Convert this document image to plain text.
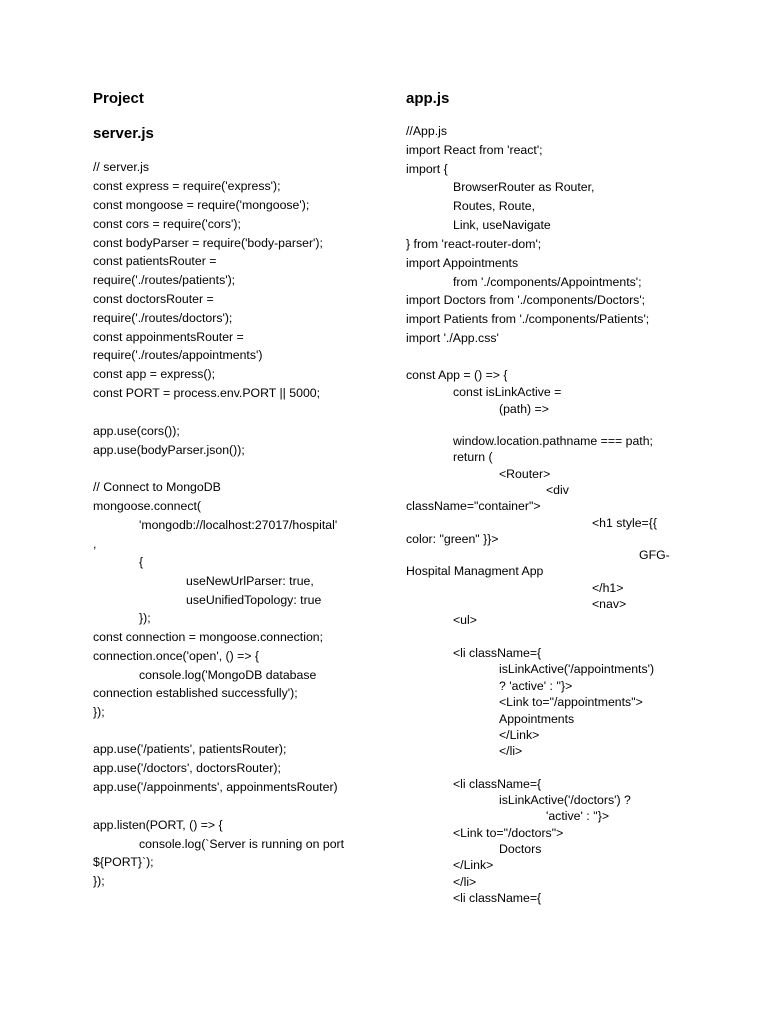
Project
server.js
// server.js
const express = require('express');
const mongoose = require('mongoose');
const cors = require('cors');
const bodyParser = require('body-parser');
const patientsRouter =
require('./routes/patients');
const doctorsRouter =
require('./routes/doctors');
const appoinmentsRouter =
require('./routes/appointments')
const app = express();
const PORT = process.env.PORT || 5000;
app.use(cors());
app.use(bodyParser.json());
// Connect to MongoDB
mongoose.connect(
'mongodb://localhost:27017/hospital'
,
{
useNewUrlParser: true,
useUnifiedTopology: true
});
const connection = mongoose.connection;
connection.once('open', () => {
console.log('MongoDB database
connection established successfully');
});
app.use('/patients', patientsRouter);
app.use('/doctors', doctorsRouter);
app.use('/appoinments', appoinmentsRouter)
app.listen(PORT, () => {
console.log(`Server is running on port
${PORT}`);
});
app.js
//App.js
import React from 'react';
import {
BrowserRouter as Router,
Routes, Route,
Link, useNavigate
} from 'react-router-dom';
import Appointments
from './components/Appointments';
import Doctors from './components/Doctors';
import Patients from './components/Patients';
import './App.css'
const App = () => {
const isLinkActive =
(path) =>
window.location.pathname === path;
return (
<Router>
<div
className="container">
<h1 style={{
color: "green" }}>
GFG-
Hospital Managment App
</h1>
<nav>
<ul>
<li className={
isLinkActive('/appointments')
? 'active' : ''}>
<Link to="/appointments">
Appointments
</Link>
</li>
<li className={
isLinkActive('/doctors') ?
'active' : ''}>
<Link to="/doctors">
Doctors
</Link>
</li>
<li className={
